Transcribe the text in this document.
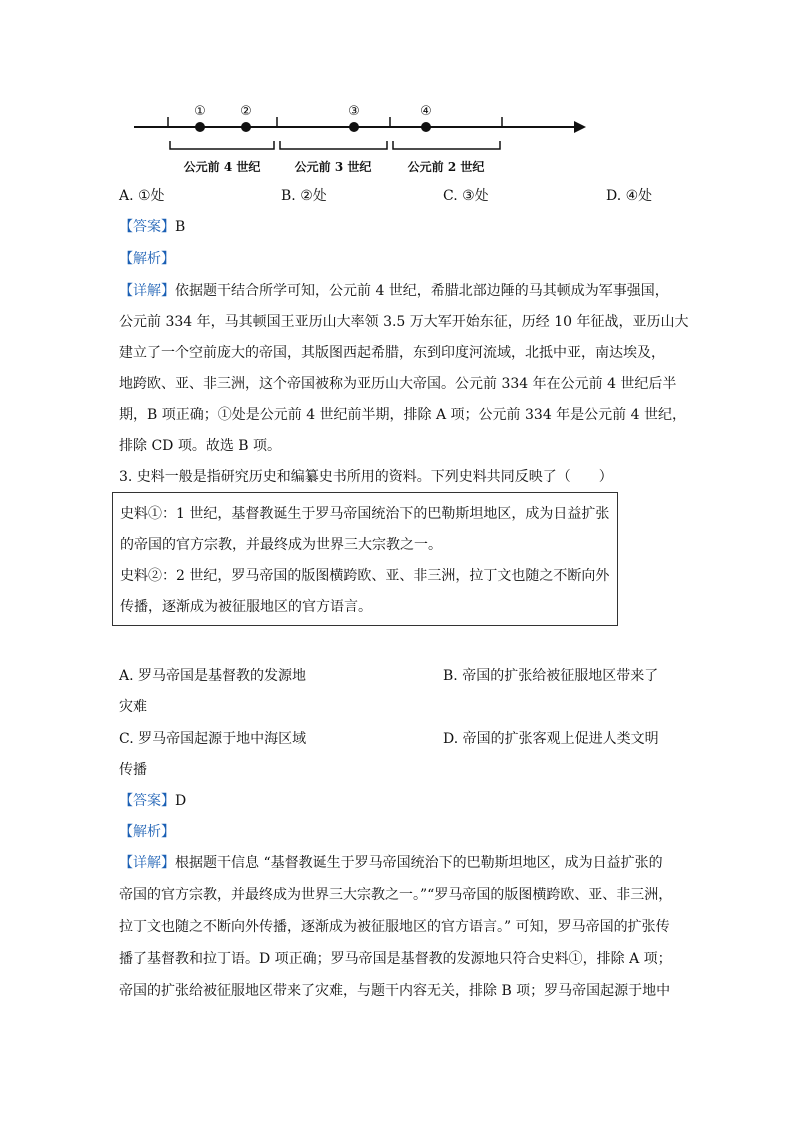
①	②	③	④
公元前 4 世纪	公元前 3 世纪	公元前 2 世纪
A. ①处	B. ②处	C. ③处	D. ④处
【答案】B
【解析】
【详解】依据题干结合所学可知，公元前 4 世纪，希腊北部边陲的马其顿成为军事强国，
公元前 334 年，马其顿国王亚历山大率领 3.5 万大军开始东征，历经 10 年征战，亚历山大
建立了一个空前庞大的帝国，其版图西起希腊，东到印度河流域，北抵中亚，南达埃及，
地跨欧、亚、非三洲，这个帝国被称为亚历山大帝国。公元前 334 年在公元前 4 世纪后半
期，B 项正确；①处是公元前 4 世纪前半期，排除 A 项；公元前 334 年是公元前 4 世纪，
排除 CD 项。故选 B 项。
3. 史料一般是指研究历史和编纂史书所用的资料。下列史料共同反映了（　　）
史料①：1 世纪，基督教诞生于罗马帝国统治下的巴勒斯坦地区，成为日益扩张
的帝国的官方宗教，并最终成为世界三大宗教之一。
史料②：2 世纪，罗马帝国的版图横跨欧、亚、非三洲，拉丁文也随之不断向外
传播，逐渐成为被征服地区的官方语言。
A. 罗马帝国是基督教的发源地	B. 帝国的扩张给被征服地区带来了
灾难
C. 罗马帝国起源于地中海区域	D. 帝国的扩张客观上促进人类文明
传播
【答案】D
【解析】
【详解】根据题干信息 “基督教诞生于罗马帝国统治下的巴勒斯坦地区，成为日益扩张的
帝国的官方宗教，并最终成为世界三大宗教之一。”“罗马帝国的版图横跨欧、亚、非三洲，
拉丁文也随之不断向外传播，逐渐成为被征服地区的官方语言。” 可知，罗马帝国的扩张传
播了基督教和拉丁语。D 项正确；罗马帝国是基督教的发源地只符合史料①，排除 A 项；
帝国的扩张给被征服地区带来了灾难，与题干内容无关，排除 B 项；罗马帝国起源于地中
